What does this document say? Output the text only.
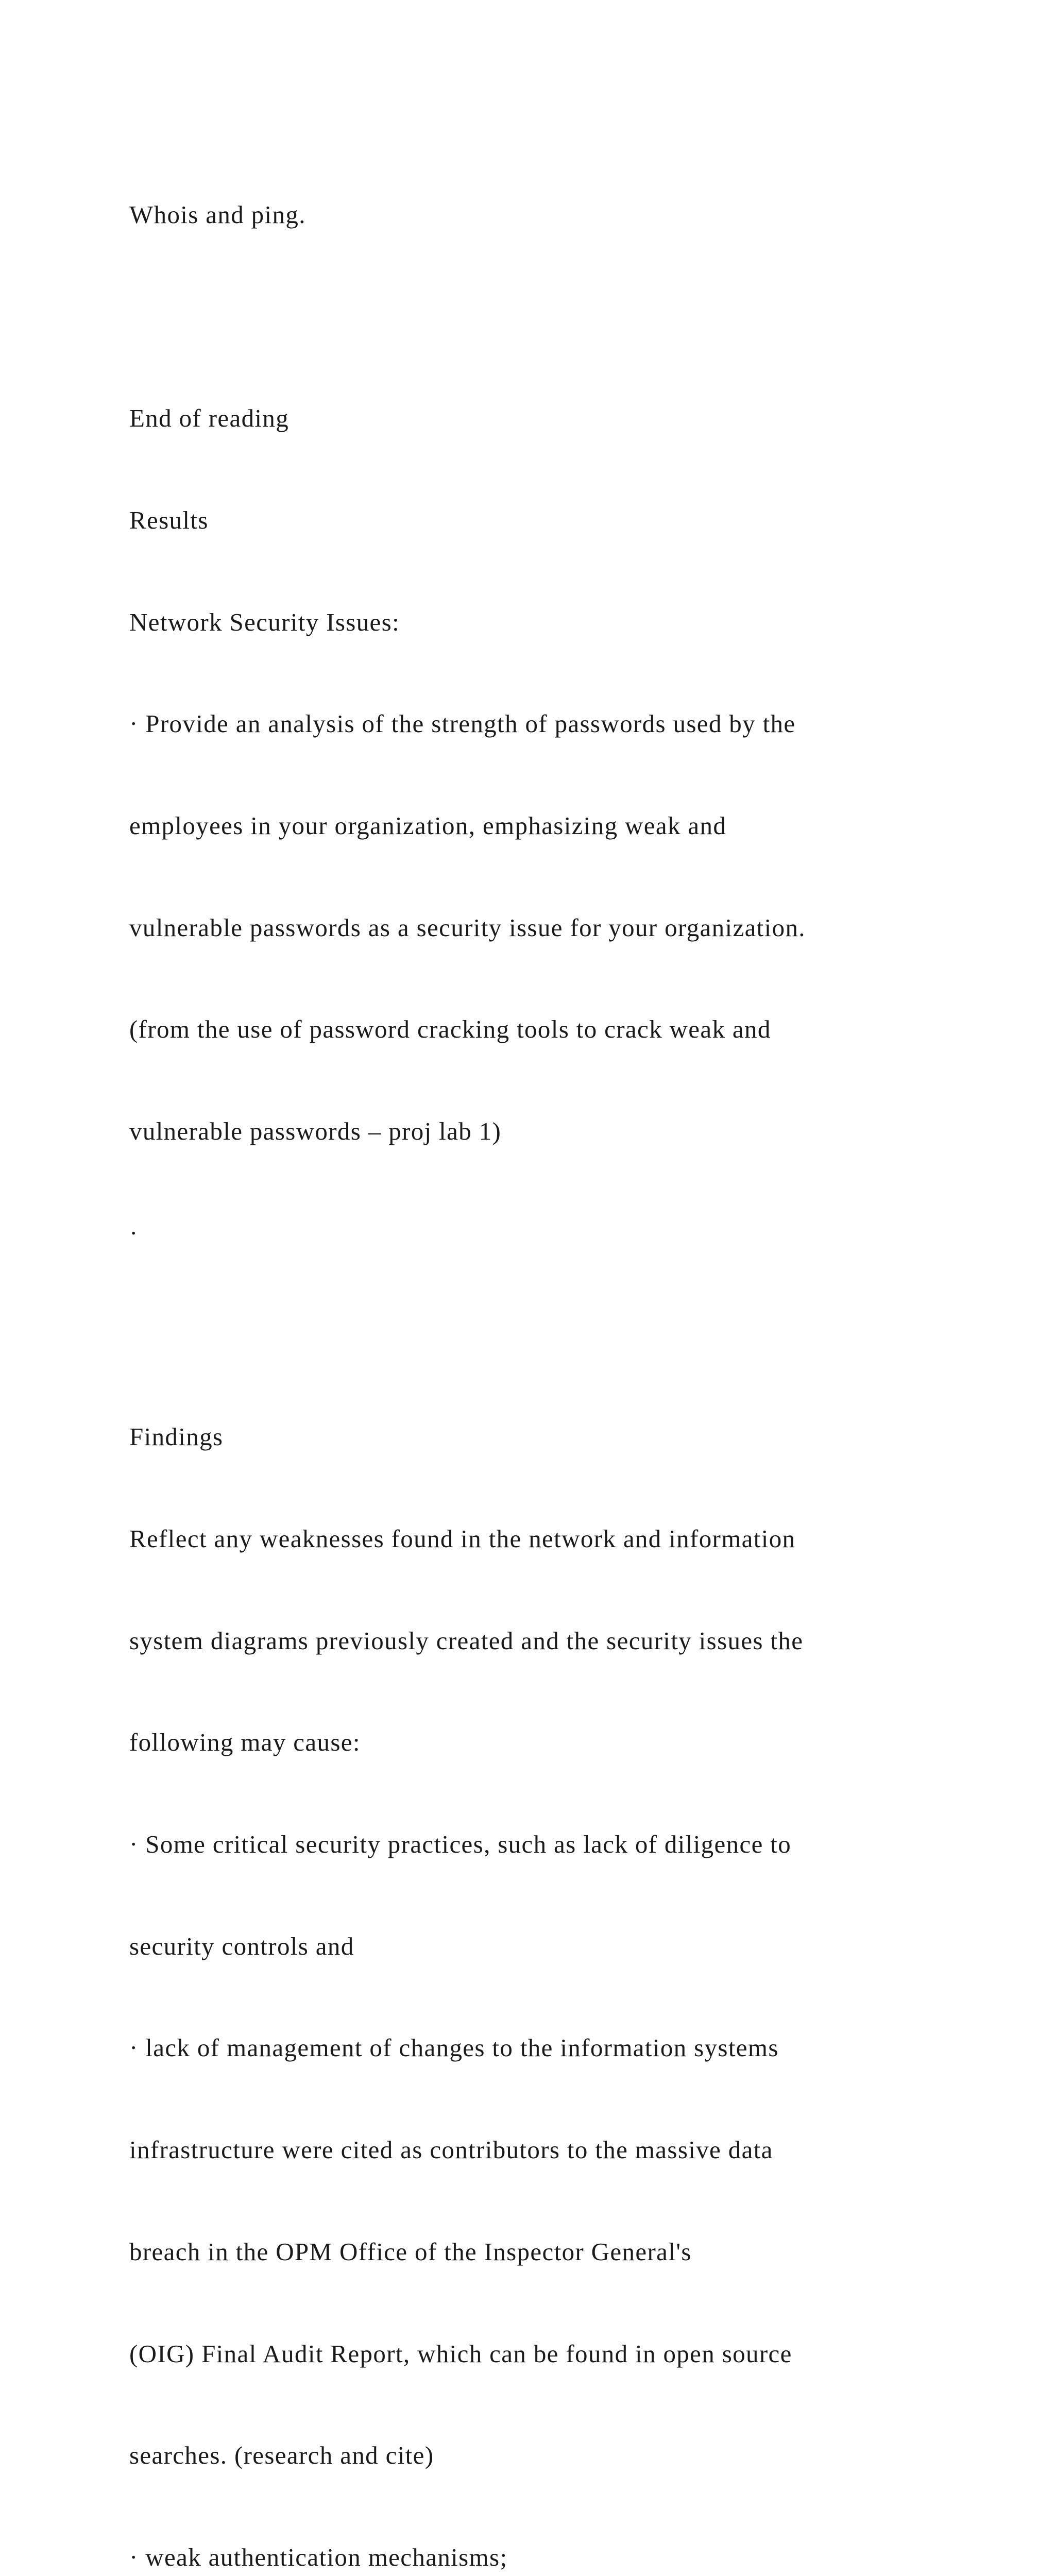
Whois and ping.

End of reading

Results

Network Security Issues:

· Provide an analysis of the strength of passwords used by the

employees in your organization, emphasizing weak and

vulnerable passwords as a security issue for your organization.

(from the use of password cracking tools to crack weak and

vulnerable passwords – proj lab 1)

·

Findings

Reflect any weaknesses found in the network and information

system diagrams previously created and the security issues the

following may cause:

· Some critical security practices, such as lack of diligence to

security controls and

· lack of management of changes to the information systems

infrastructure were cited as contributors to the massive data

breach in the OPM Office of the Inspector General's

(OIG) Final Audit Report, which can be found in open source

searches. (research and cite)

· weak authentication mechanisms;
